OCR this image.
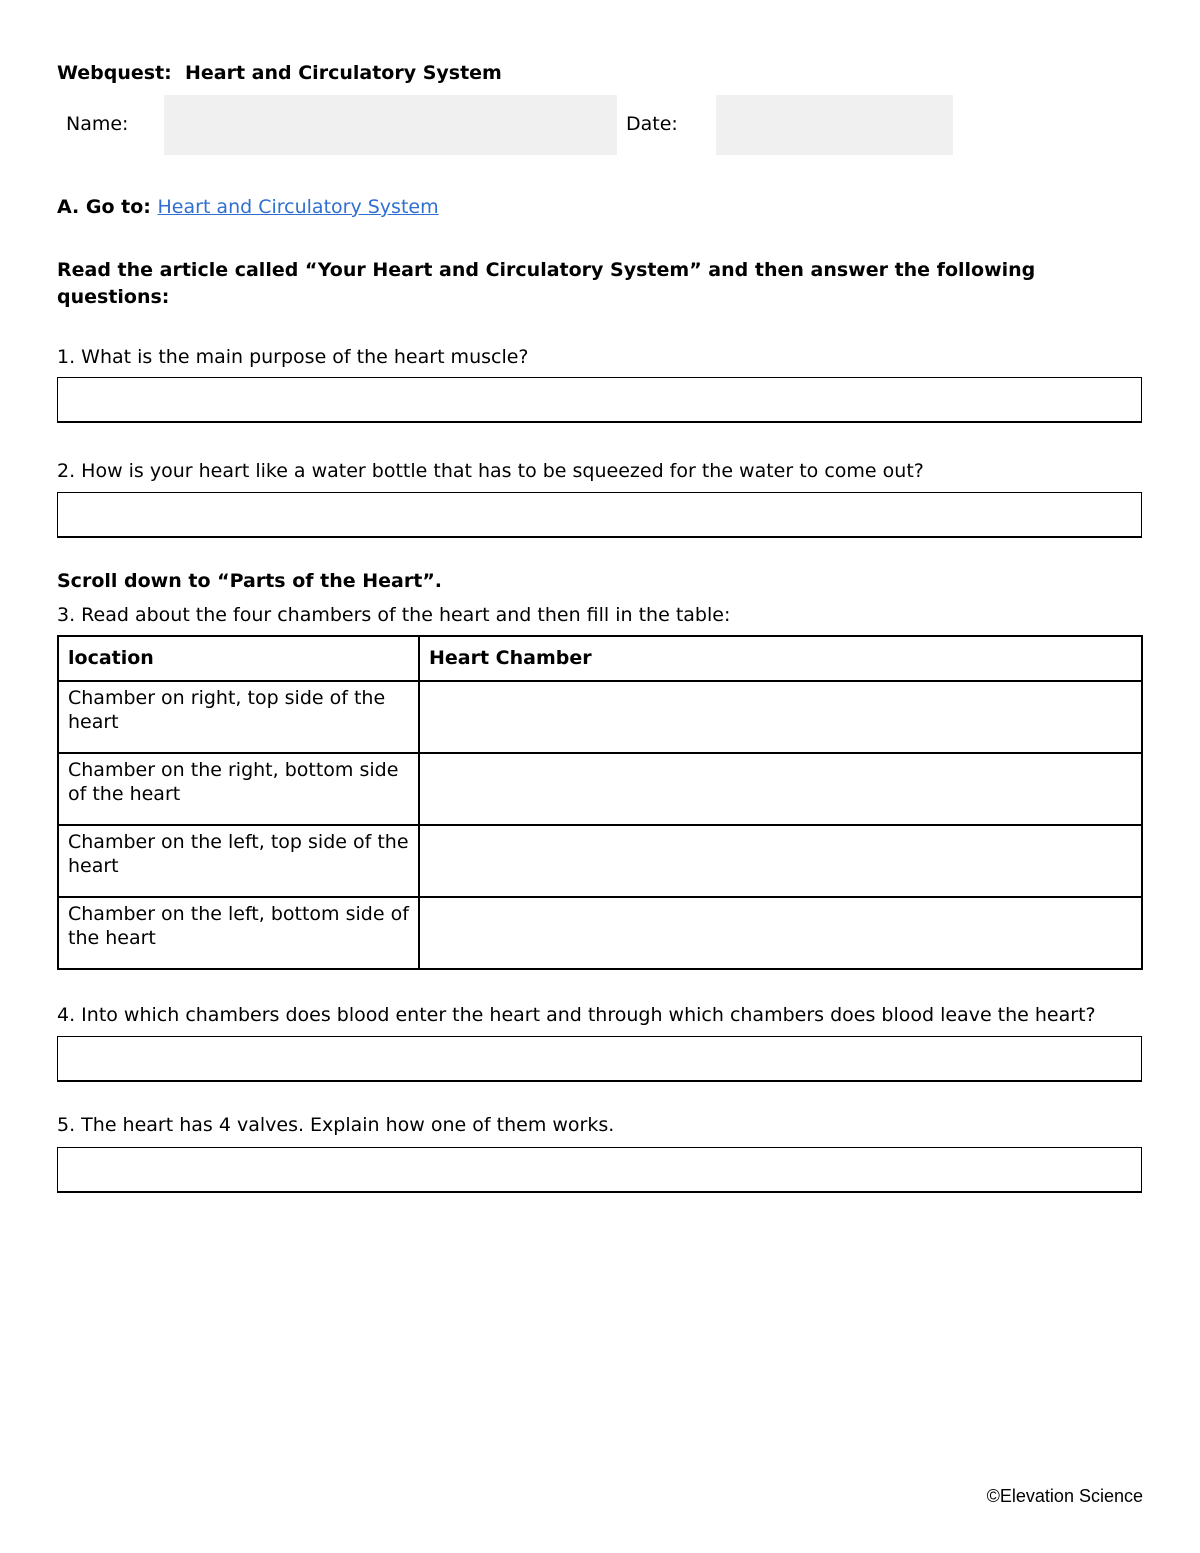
Webquest:  Heart and Circulatory System
Name:	Date:
A. Go to: Heart and Circulatory System
Read the article called “Your Heart and Circulatory System” and then answer the following questions:
1. What is the main purpose of the heart muscle?
2. How is your heart like a water bottle that has to be squeezed for the water to come out?
Scroll down to “Parts of the Heart”.
3. Read about the four chambers of the heart and then fill in the table:
location	Heart Chamber
Chamber on right, top side of the heart	
Chamber on the right, bottom side of the heart	
Chamber on the left, top side of the heart	
Chamber on the left, bottom side of the heart	
4. Into which chambers does blood enter the heart and through which chambers does blood leave the heart?
5. The heart has 4 valves. Explain how one of them works.
©Elevation Science
